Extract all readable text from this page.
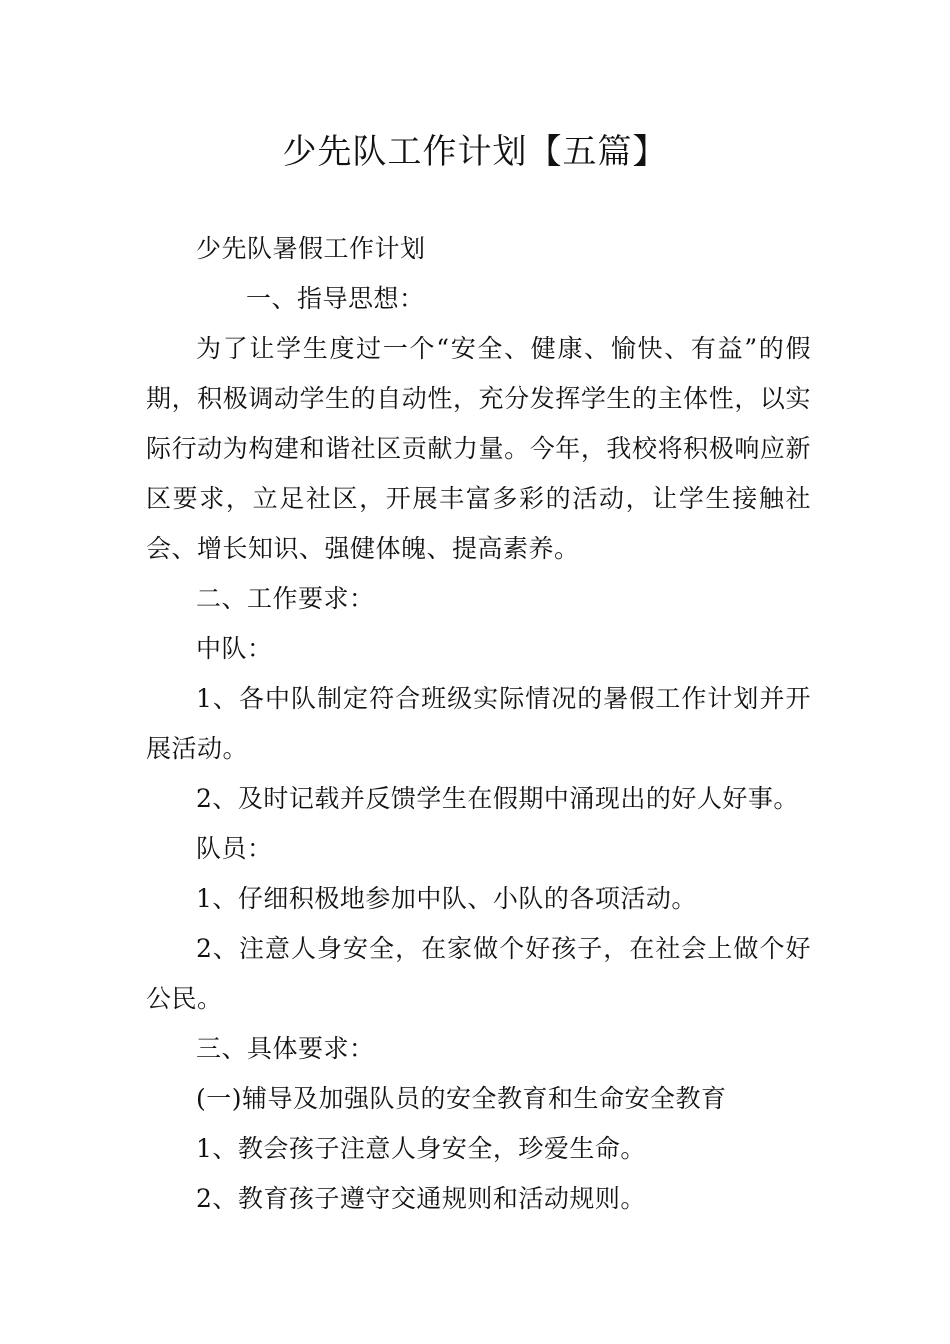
少先队工作计划【五篇】

少先队暑假工作计划

一、指导思想：

为了让学生度过一个“安全、健康、愉快、有益”的假期，积极调动学生的自动性，充分发挥学生的主体性，以实际行动为构建和谐社区贡献力量。今年，我校将积极响应新区要求，立足社区，开展丰富多彩的活动，让学生接触社会、增长知识、强健体魄、提高素养。

二、工作要求：

中队：

1、各中队制定符合班级实际情况的暑假工作计划并开展活动。

2、及时记载并反馈学生在假期中涌现出的好人好事。

队员：

1、仔细积极地参加中队、小队的各项活动。

2、注意人身安全，在家做个好孩子，在社会上做个好公民。

三、具体要求：

(一)辅导及加强队员的安全教育和生命安全教育

1、教会孩子注意人身安全，珍爱生命。

2、教育孩子遵守交通规则和活动规则。
